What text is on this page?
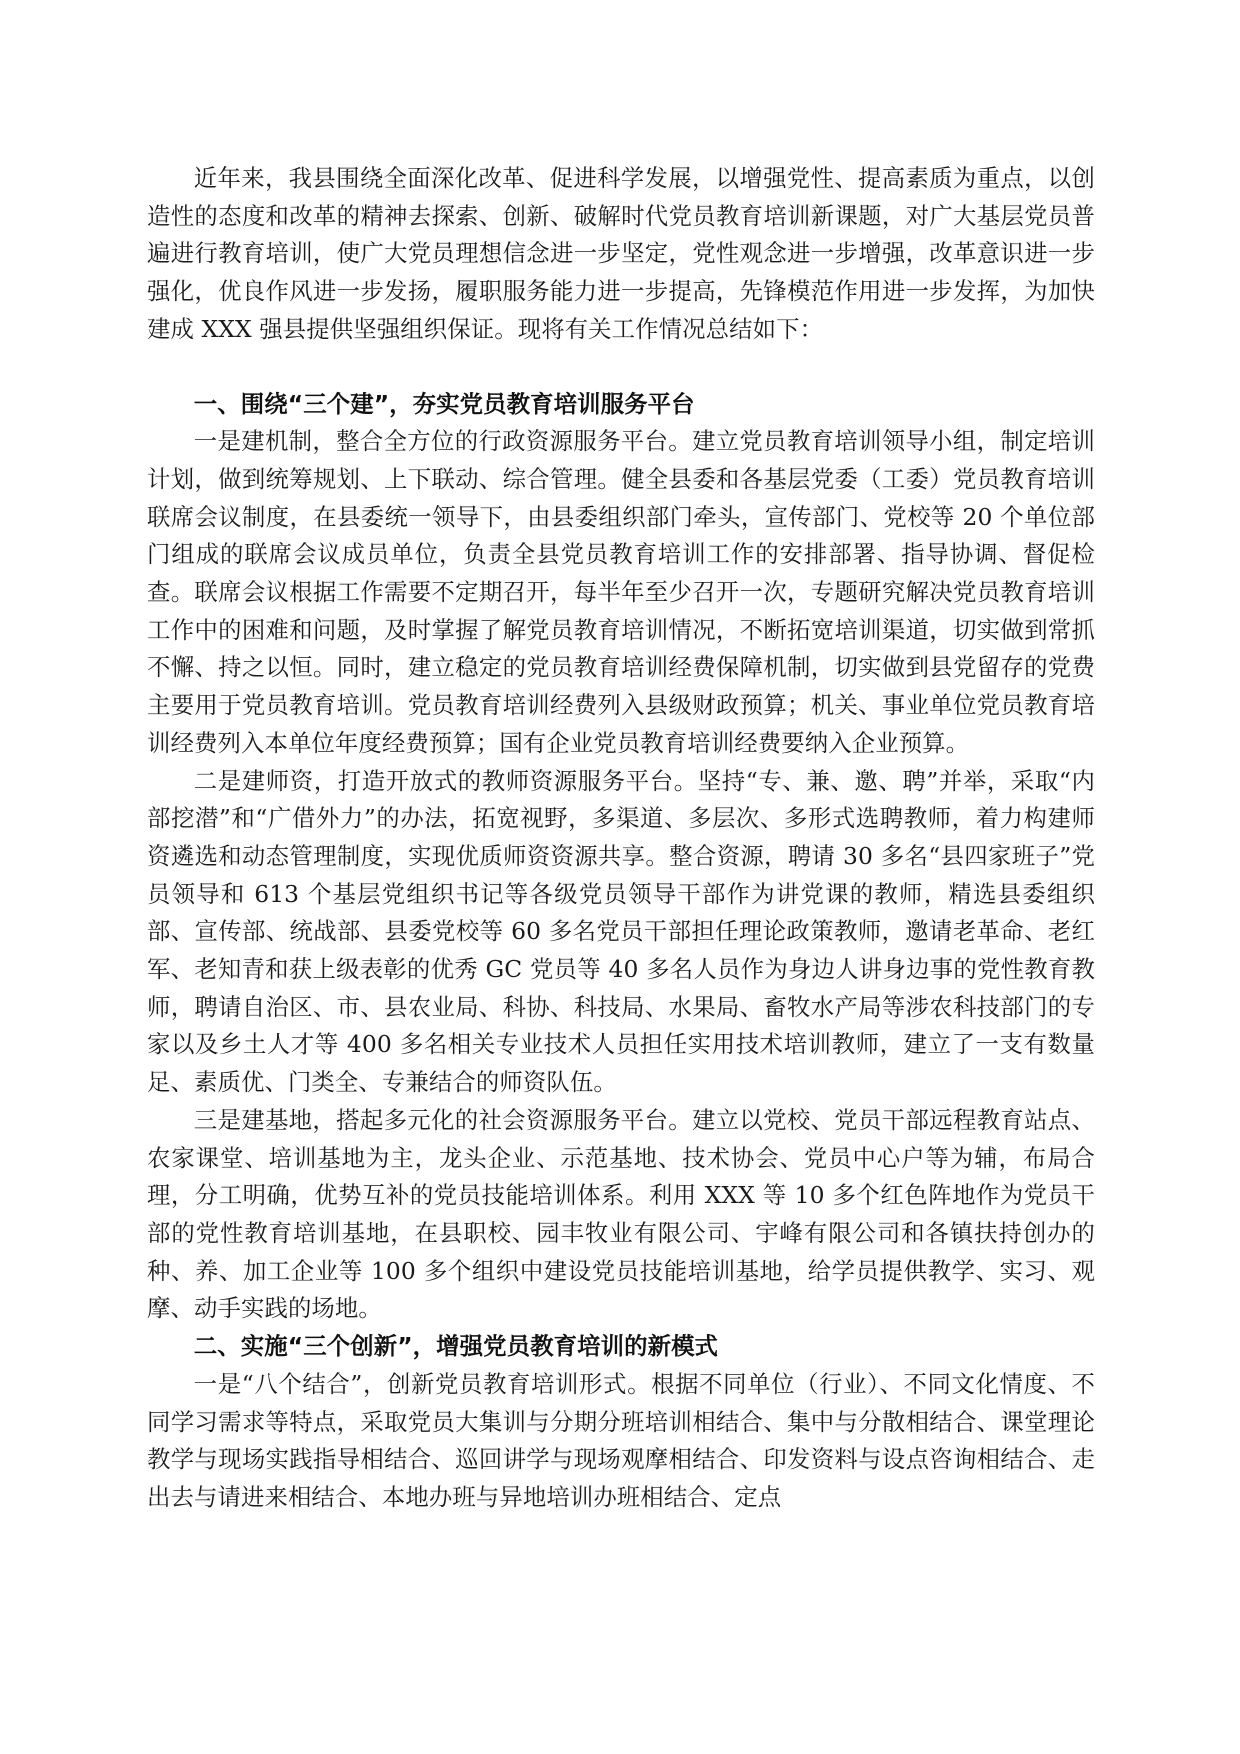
近年来，我县围绕全面深化改革、促进科学发展，以增强党性、提高素质为重点，以创造性的态度和改革的精神去探索、创新、破解时代党员教育培训新课题，对广大基层党员普遍进行教育培训，使广大党员理想信念进一步坚定，党性观念进一步增强，改革意识进一步强化，优良作风进一步发扬，履职服务能力进一步提高，先锋模范作用进一步发挥，为加快建成 XXX 强县提供坚强组织保证。现将有关工作情况总结如下：

一、围绕“三个建”，夯实党员教育培训服务平台

一是建机制，整合全方位的行政资源服务平台。建立党员教育培训领导小组，制定培训计划，做到统筹规划、上下联动、综合管理。健全县委和各基层党委（工委）党员教育培训联席会议制度，在县委统一领导下，由县委组织部门牵头，宣传部门、党校等 20 个单位部门组成的联席会议成员单位，负责全县党员教育培训工作的安排部署、指导协调、督促检查。联席会议根据工作需要不定期召开，每半年至少召开一次，专题研究解决党员教育培训工作中的困难和问题，及时掌握了解党员教育培训情况，不断拓宽培训渠道，切实做到常抓不懈、持之以恒。同时，建立稳定的党员教育培训经费保障机制，切实做到县党留存的党费主要用于党员教育培训。党员教育培训经费列入县级财政预算；机关、事业单位党员教育培训经费列入本单位年度经费预算；国有企业党员教育培训经费要纳入企业预算。

二是建师资，打造开放式的教师资源服务平台。坚持“专、兼、邀、聘”并举，采取“内部挖潜”和“广借外力”的办法，拓宽视野，多渠道、多层次、多形式选聘教师，着力构建师资遴选和动态管理制度，实现优质师资资源共享。整合资源，聘请 30 多名“县四家班子”党员领导和 613 个基层党组织书记等各级党员领导干部作为讲党课的教师，精选县委组织部、宣传部、统战部、县委党校等 60 多名党员干部担任理论政策教师，邀请老革命、老红军、老知青和获上级表彰的优秀 GC 党员等 40 多名人员作为身边人讲身边事的党性教育教师，聘请自治区、市、县农业局、科协、科技局、水果局、畜牧水产局等涉农科技部门的专家以及乡土人才等 400 多名相关专业技术人员担任实用技术培训教师，建立了一支有数量足、素质优、门类全、专兼结合的师资队伍。

三是建基地，搭起多元化的社会资源服务平台。建立以党校、党员干部远程教育站点、农家课堂、培训基地为主，龙头企业、示范基地、技术协会、党员中心户等为辅，布局合理，分工明确，优势互补的党员技能培训体系。利用 XXX 等 10 多个红色阵地作为党员干部的党性教育培训基地，在县职校、园丰牧业有限公司、宇峰有限公司和各镇扶持创办的种、养、加工企业等 100 多个组织中建设党员技能培训基地，给学员提供教学、实习、观摩、动手实践的场地。

二、实施“三个创新”，增强党员教育培训的新模式

一是“八个结合”，创新党员教育培训形式。根据不同单位（行业）、不同文化情度、不同学习需求等特点，采取党员大集训与分期分班培训相结合、集中与分散相结合、课堂理论教学与现场实践指导相结合、巡回讲学与现场观摩相结合、印发资料与设点咨询相结合、走出去与请进来相结合、本地办班与异地培训办班相结合、定点
